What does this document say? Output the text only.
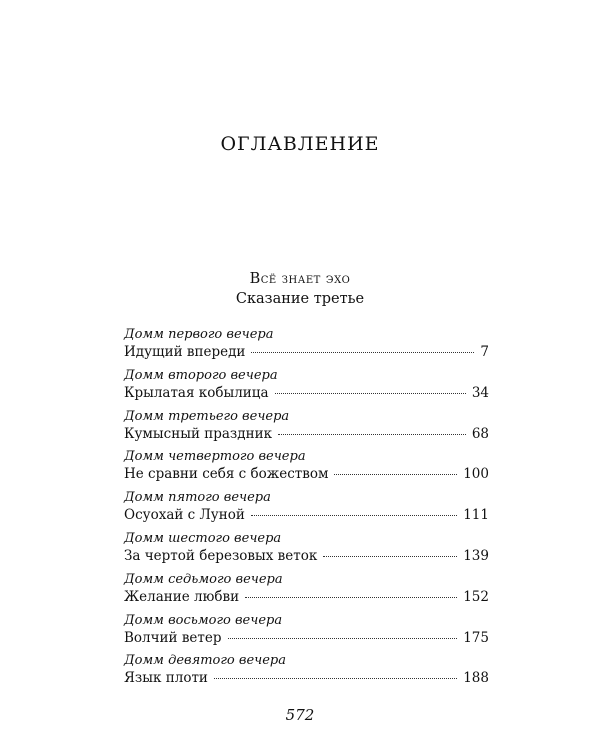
ОГЛАВЛЕНИЕ
Всё знает эхо
Сказание третье
Домм первого вечера
Идущий впереди	7
Домм второго вечера
Крылатая кобылица	34
Домм третьего вечера
Кумысный праздник	68
Домм четвертого вечера
Не сравни себя с божеством	100
Домм пятого вечера
Осуохай с Луной	111
Домм шестого вечера
За чертой березовых веток	139
Домм седьмого вечера
Желание любви	152
Домм восьмого вечера
Волчий ветер	175
Домм девятого вечера
Язык плоти	188
572
